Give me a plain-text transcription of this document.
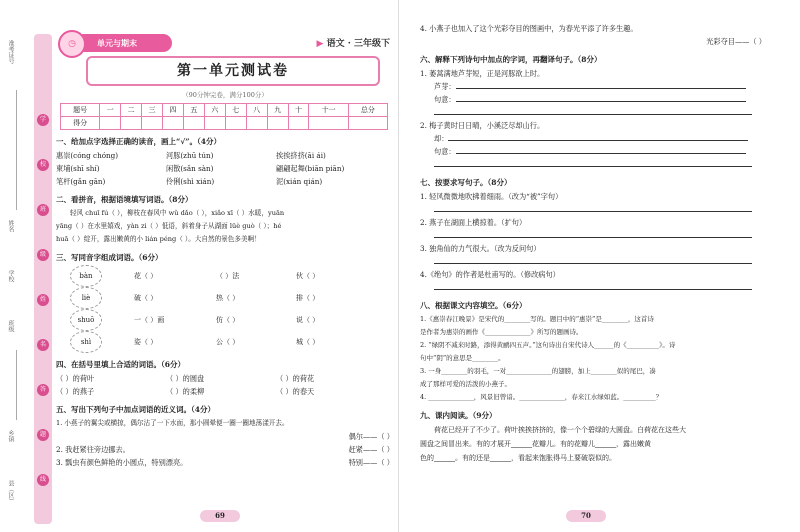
准考证号
姓名
学校
班级
乡镇
县（区）
学
校
班
级
姓
名
答
题
线
单元与期末
◷	▶ 语文 · 三年级下
第一单元测试卷
（90分钟完卷，满分100分）
题号	一	二	三	四	五	六	七	八	九	十	十一	总分
得分												
一、给加点字选择正确的读音，画上“√”。（4分）
惠崇(cóng chóng)	河豚(zhū tún)	挨挨挤挤(āi ái)
柬埔(shī shí)	闲散(sǎn sàn)	翩翩起舞(biān piān)
笔杆(gǎn gān)	伶俐(shì xián)	泥(xián qián)
二、看拼音，根据语境填写词语。（8分）
轻风 chuī fú（ ），柳枝在春风中 wǔ dǎo（ ），xiǎo xī（ ）水暖，yuān
yāng（ ）在水里嬉戏，yàn zi（ ）低语，斜着身子从湖面 lüè guò（ ）；hé
huā（ ）绽开，露出嫩黄的小 lián péng（ ）。大自然的景色多美啊！
三、写同音字组成词语。（6分）
bàn	花（ ）	（ ）法	伙（ ）
liè	破（ ）	热（ ）	排（ ）
shuō	一（ ）画	仿（ ）	说（ ）
shì	姿（ ）	公（ ）	城（ ）
四、在括号里填上合适的词语。（6分）
（ ）的荷叶	（ ）的圆盘	（ ）的荷花
（ ）的燕子	（ ）的柔柳	（ ）的春天
五、写出下列句子中加点词语的近义词。（4分）
1. 小燕子的翼尖或横掠，偶尔沾了一下水面，那小圆晕便一圈一圈地荡漾开去。
偶尔——（ ）
2. 我赶紧往旁边挪去。	赶紧——（ ）
3. 瓢虫有颜色鲜艳的小圆点，特别漂亮。	特别——（ ）
69
4. 小燕子也加入了这个光彩夺目的图画中，为春光平添了许多生趣。
光彩夺目——（ ）
六、解释下列诗句中加点的字词，再翻译句子。（8分）
1. 萎蒿满地芦芽短，正是河豚欲上时。
芦芽：
句意：
2. 梅子黄时日日晴，小溪泛尽却山行。
却：
句意：
七、按要求写句子。（8分）
1. 轻风微微地吹拂着细雨。（改为“被”字句）
2. 燕子在湖面上横掠着。（扩句）
3. 独角仙的力气很大。（改为反问句）
4.《绝句》的作者是杜甫写的。（修改病句）
八、根据课文内容填空。（6分）
1.《惠崇春江晚景》是宋代的________写的。题目中的“惠崇”是________，这首诗
是作者为惠崇的画作《______________》所写的题画诗。
2. “绿阴不减来时路，添得黄鹂四五声。”这句诗出自宋代诗人______的《__________》。诗
句中“阴”的意思是________。
3. 一身________的羽毛，一对______________的翅膀，加上________似的尾巴，凑
成了那样可爱的活泼的小燕子。
4. ______________，风景旧曾谙。______________，春来江水绿如蓝。__________？
九、课内阅读。（9分）
荷花已经开了不少了。荷叶挨挨挤挤的，像一个个碧绿的大圆盘。白荷花在这些大
圆盘之间冒出来。有的才展开______花瓣儿。有的花瓣儿______，露出嫩黄
色的______。有的还是______，看起来饱胀得马上要破裂似的。
70
